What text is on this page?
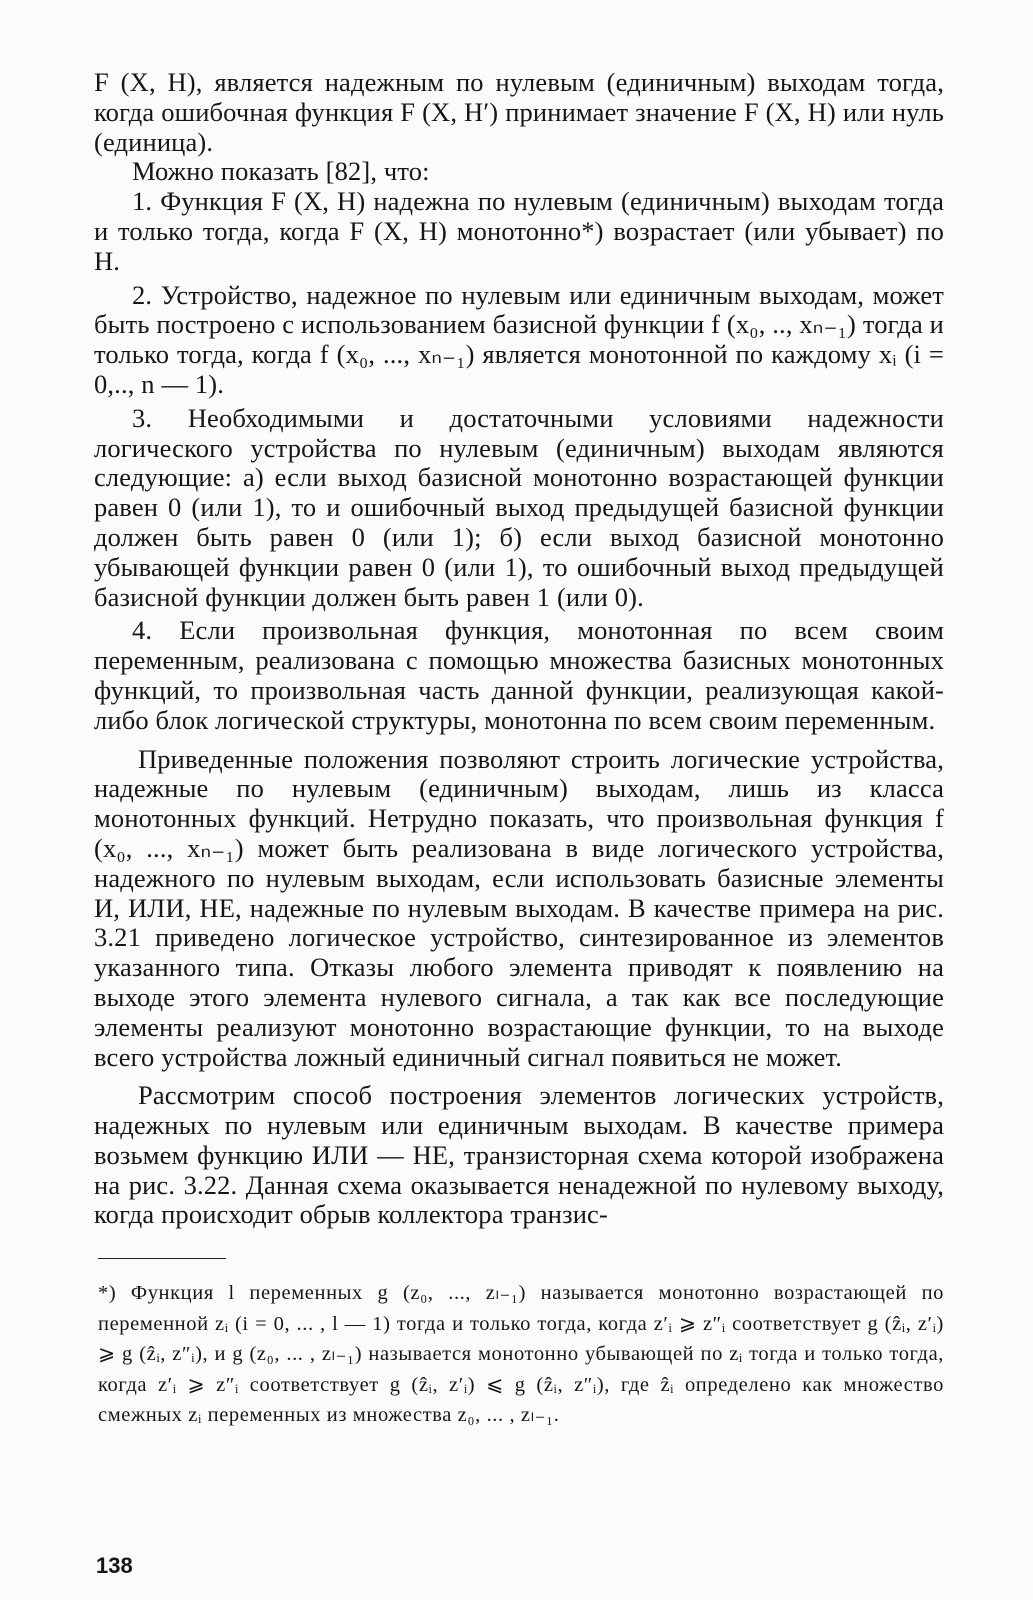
F (X, H), является надежным по нулевым (единичным) выходам тогда, когда ошибочная функция F (X, H′) принимает значение F (X, H) или нуль (единица).

Можно показать [82], что:

1. Функция F (X, H) надежна по нулевым (единичным) выходам тогда и только тогда, когда F (X, H) монотонно*) возрастает (или убывает) по H.

2. Устройство, надежное по нулевым или единичным выходам, может быть построено с использованием базисной функции f (x₀, .., xₙ₋₁) тогда и только тогда, когда f (x₀, ..., xₙ₋₁) является монотонной по каждому xᵢ (i = 0,.., n — 1).

3. Необходимыми и достаточными условиями надежности логического устройства по нулевым (единичным) выходам являются следующие: а) если выход базисной монотонно возрастающей функции равен 0 (или 1), то и ошибочный выход предыдущей базисной функции должен быть равен 0 (или 1); б) если выход базисной монотонно убывающей функции равен 0 (или 1), то ошибочный выход предыдущей базисной функции должен быть равен 1 (или 0).

4. Если произвольная функция, монотонная по всем своим переменным, реализована с помощью множества базисных монотонных функций, то произвольная часть данной функции, реализующая какой-либо блок логической структуры, монотонна по всем своим переменным.

Приведенные положения позволяют строить логические устройства, надежные по нулевым (единичным) выходам, лишь из класса монотонных функций. Нетрудно показать, что произвольная функция f (x₀, ..., xₙ₋₁) может быть реализована в виде логического устройства, надежного по нулевым выходам, если использовать базисные элементы И, ИЛИ, НЕ, надежные по нулевым выходам. В качестве примера на рис. 3.21 приведено логическое устройство, синтезированное из элементов указанного типа. Отказы любого элемента приводят к появлению на выходе этого элемента нулевого сигнала, а так как все последующие элементы реализуют монотонно возрастающие функции, то на выходе всего устройства ложный единичный сигнал появиться не может.

Рассмотрим способ построения элементов логических устройств, надежных по нулевым или единичным выходам. В качестве примера возьмем функцию ИЛИ — НЕ, транзисторная схема которой изображена на рис. 3.22. Данная схема оказывается ненадежной по нулевому выходу, когда происходит обрыв коллектора транзис-

*) Функция l переменных g (z₀, ..., zₗ₋₁) называется монотонно возрастающей по переменной zᵢ (i = 0, ... , l — 1) тогда и только тогда, когда z′ᵢ ⩾ z″ᵢ соответствует g (ẑᵢ, z′ᵢ) ⩾ g (ẑᵢ, z″ᵢ), и g (z₀, ... , zₗ₋₁) называется монотонно убывающей по zᵢ тогда и только тогда, когда z′ᵢ ⩾ z″ᵢ соответствует g (ẑᵢ, z′ᵢ) ⩽ g (ẑᵢ, z″ᵢ), где ẑᵢ определено как множество смежных zᵢ переменных из множества z₀, ... , zₗ₋₁.

138
